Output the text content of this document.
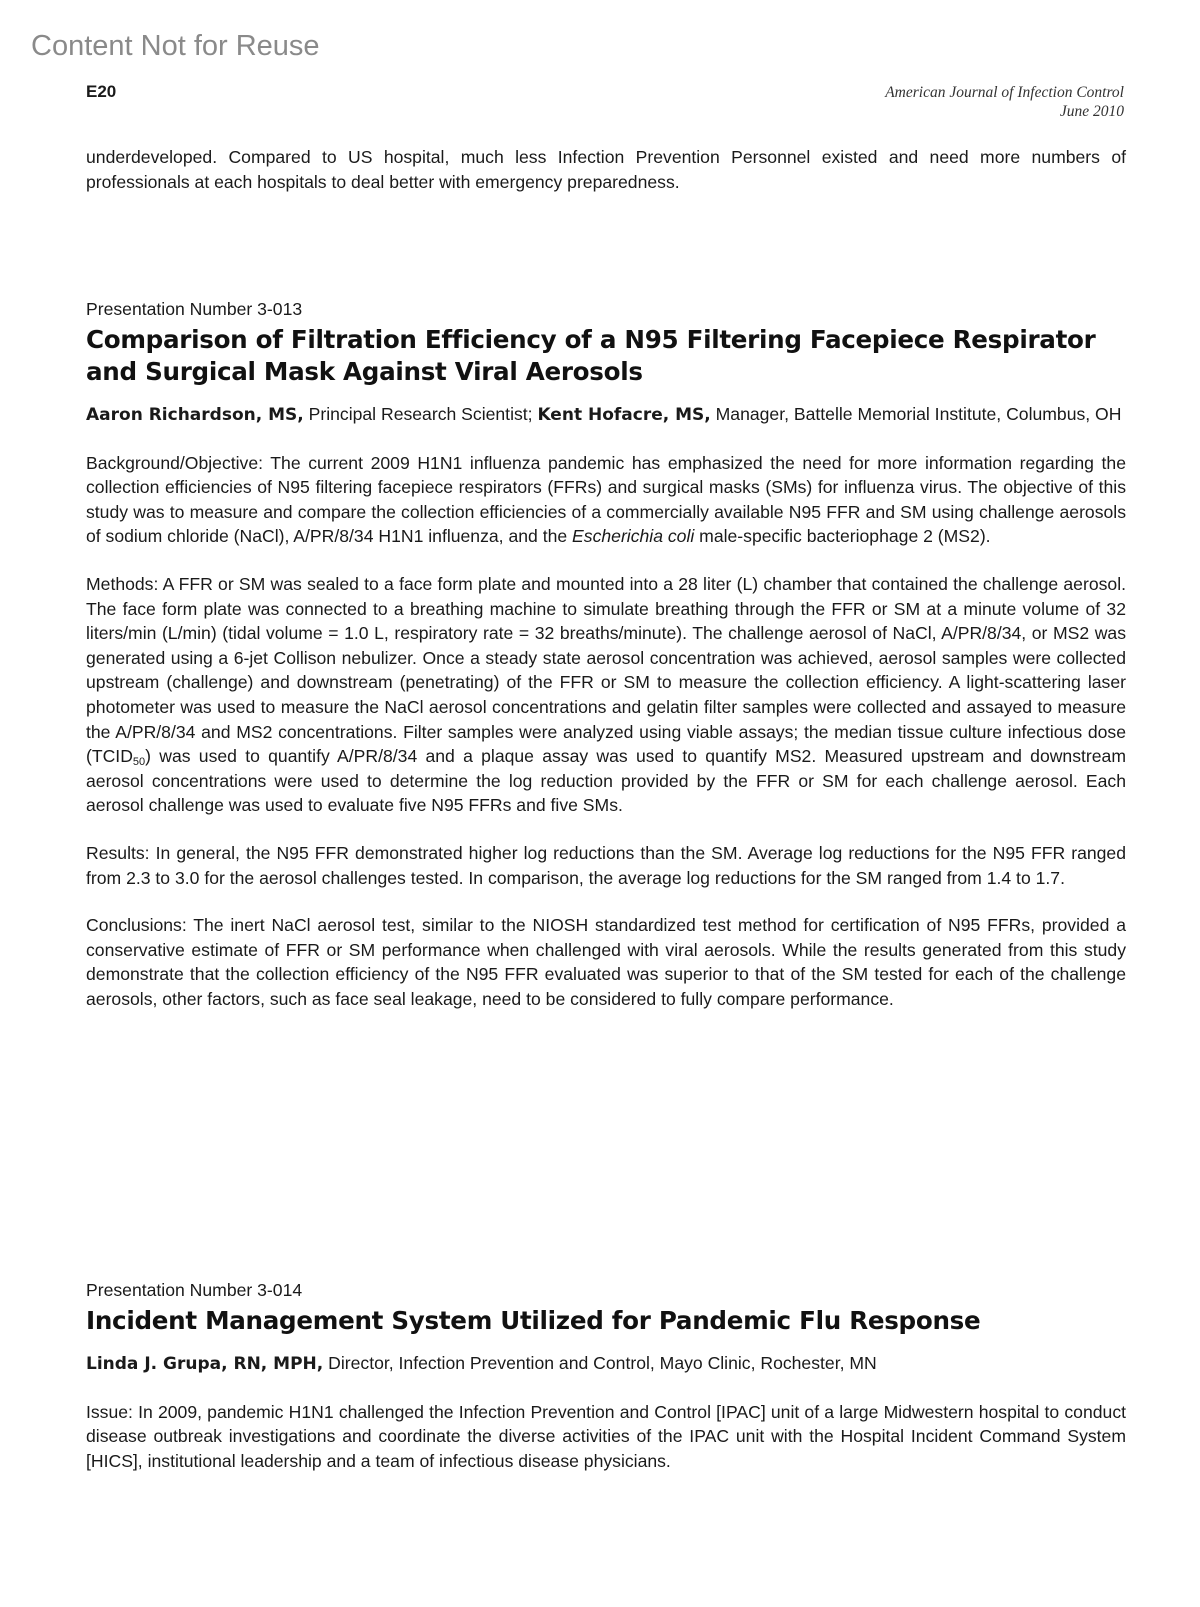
Content Not for Reuse
E20	American Journal of Infection Control
June 2010

underdeveloped. Compared to US hospital, much less Infection Prevention Personnel existed and need more numbers of professionals at each hospitals to deal better with emergency preparedness.

Presentation Number 3-013
Comparison of Filtration Efficiency of a N95 Filtering Facepiece Respirator and Surgical Mask Against Viral Aerosols

Aaron Richardson, MS, Principal Research Scientist; Kent Hofacre, MS, Manager, Battelle Memorial Institute, Columbus, OH

Background/Objective: The current 2009 H1N1 influenza pandemic has emphasized the need for more information regarding the collection efficiencies of N95 filtering facepiece respirators (FFRs) and surgical masks (SMs) for influenza virus. The objective of this study was to measure and compare the collection efficiencies of a commercially available N95 FFR and SM using challenge aerosols of sodium chloride (NaCl), A/PR/8/34 H1N1 influenza, and the Escherichia coli male-specific bacteriophage 2 (MS2).

Methods: A FFR or SM was sealed to a face form plate and mounted into a 28 liter (L) chamber that contained the challenge aerosol. The face form plate was connected to a breathing machine to simulate breathing through the FFR or SM at a minute volume of 32 liters/min (L/min) (tidal volume = 1.0 L, respiratory rate = 32 breaths/minute). The challenge aerosol of NaCl, A/PR/8/34, or MS2 was generated using a 6-jet Collison nebulizer. Once a steady state aerosol concentration was achieved, aerosol samples were collected upstream (challenge) and downstream (penetrating) of the FFR or SM to measure the collection efficiency. A light-scattering laser photometer was used to measure the NaCl aerosol concentrations and gelatin filter samples were collected and assayed to measure the A/PR/8/34 and MS2 concentrations. Filter samples were analyzed using viable assays; the median tissue culture infectious dose $(TCID_{50})$ was used to quantify A/PR/8/34 and a plaque assay was used to quantify MS2. Measured upstream and downstream aerosol concentrations were used to determine the log reduction provided by the FFR or SM for each challenge aerosol. Each aerosol challenge was used to evaluate five N95 FFRs and five SMs.

Results: In general, the N95 FFR demonstrated higher log reductions than the SM. Average log reductions for the N95 FFR ranged from 2.3 to 3.0 for the aerosol challenges tested. In comparison, the average log reductions for the SM ranged from 1.4 to 1.7.

Conclusions: The inert NaCl aerosol test, similar to the NIOSH standardized test method for certification of N95 FFRs, provided a conservative estimate of FFR or SM performance when challenged with viral aerosols. While the results generated from this study demonstrate that the collection efficiency of the N95 FFR evaluated was superior to that of the SM tested for each of the challenge aerosols, other factors, such as face seal leakage, need to be considered to fully compare performance.

Presentation Number 3-014
Incident Management System Utilized for Pandemic Flu Response

Linda J. Grupa, RN, MPH, Director, Infection Prevention and Control, Mayo Clinic, Rochester, MN

Issue: In 2009, pandemic H1N1 challenged the Infection Prevention and Control [IPAC] unit of a large Midwestern hospital to conduct disease outbreak investigations and coordinate the diverse activities of the IPAC unit with the Hospital Incident Command System [HICS], institutional leadership and a team of infectious disease physicians.
